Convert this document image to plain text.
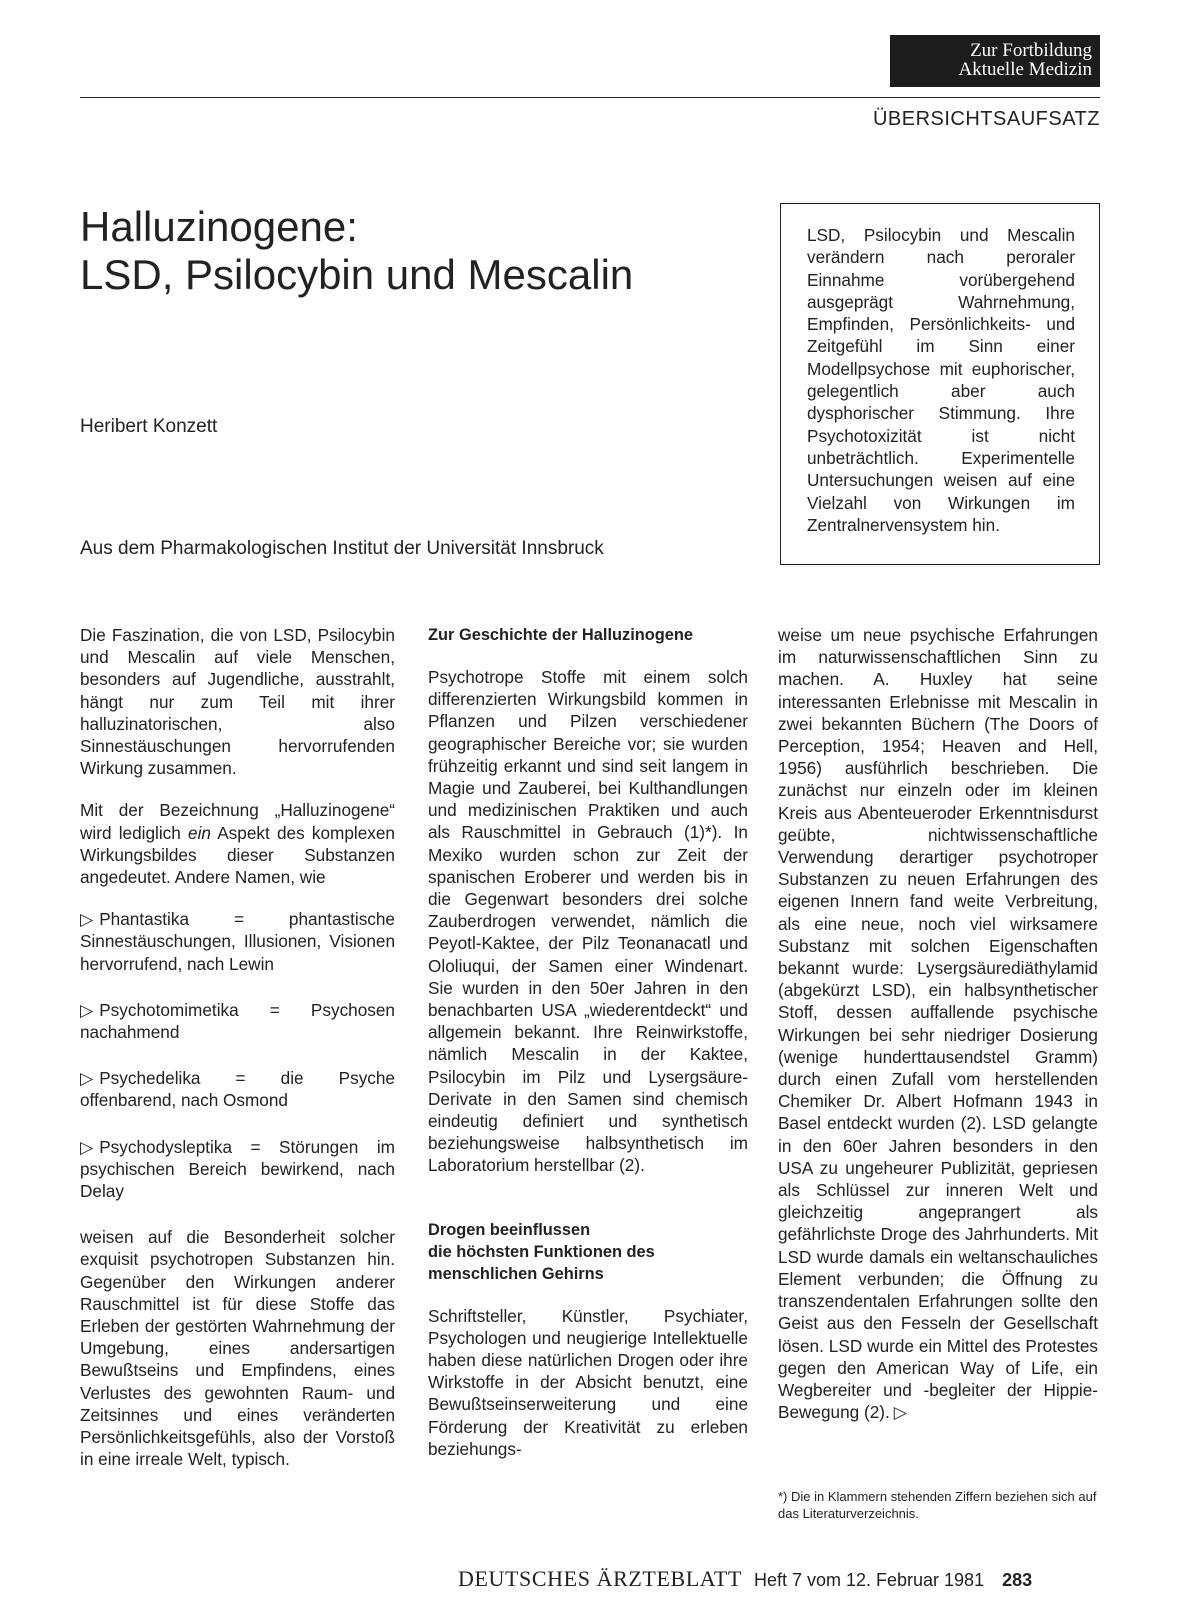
Zur Fortbildung
Aktuelle Medizin
ÜBERSICHTSAUFSATZ
Halluzinogene:
LSD, Psilocybin und Mescalin
Heribert Konzett
Aus dem Pharmakologischen Institut der Universität Innsbruck
LSD, Psilocybin und Mescalin verändern nach peroraler Einnahme vorübergehend ausgeprägt Wahrnehmung, Empfinden, Persönlichkeits- und Zeitgefühl im Sinn einer Modellpsychose mit euphorischer, gelegentlich aber auch dysphorischer Stimmung. Ihre Psychotoxizität ist nicht unbeträchtlich. Experimentelle Untersuchungen weisen auf eine Vielzahl von Wirkungen im Zentralnervensystem hin.

Die Faszination, die von LSD, Psilocybin und Mescalin auf viele Menschen, besonders auf Jugendliche, ausstrahlt, hängt nur zum Teil mit ihrer halluzinatorischen, also Sinnestäuschungen hervorrufenden Wirkung zusammen.

Mit der Bezeichnung „Halluzinogene“ wird lediglich ein Aspekt des komplexen Wirkungsbildes dieser Substanzen angedeutet. Andere Namen, wie

▷ Phantastika = phantastische Sinnestäuschungen, Illusionen, Visionen hervorrufend, nach Lewin

▷ Psychotomimetika = Psychosen nachahmend

▷ Psychedelika = die Psyche offenbarend, nach Osmond

▷ Psychodysleptika = Störungen im psychischen Bereich bewirkend, nach Delay

weisen auf die Besonderheit solcher exquisit psychotropen Substanzen hin. Gegenüber den Wirkungen anderer Rauschmittel ist für diese Stoffe das Erleben der gestörten Wahrnehmung der Umgebung, eines andersartigen Bewußtseins und Empfindens, eines Verlustes des gewohnten Raum- und Zeitsinnes und eines veränderten Persönlichkeitsgefühls, also der Vorstoß in eine irreale Welt, typisch.

Zur Geschichte der Halluzinogene

Psychotrope Stoffe mit einem solch differenzierten Wirkungsbild kommen in Pflanzen und Pilzen verschiedener geographischer Bereiche vor; sie wurden frühzeitig erkannt und sind seit langem in Magie und Zauberei, bei Kulthandlungen und medizinischen Praktiken und auch als Rauschmittel in Gebrauch (1)*). In Mexiko wurden schon zur Zeit der spanischen Eroberer und werden bis in die Gegenwart besonders drei solche Zauberdrogen verwendet, nämlich die Peyotl-Kaktee, der Pilz Teonanacatl und Ololiuqui, der Samen einer Windenart. Sie wurden in den 50er Jahren in den benachbarten USA „wiederentdeckt“ und allgemein bekannt. Ihre Reinwirkstoffe, nämlich Mescalin in der Kaktee, Psilocybin im Pilz und Lysergsäure-Derivate in den Samen sind chemisch eindeutig definiert und synthetisch beziehungsweise halbsynthetisch im Laboratorium herstellbar (2).

Drogen beeinflussen
die höchsten Funktionen des
menschlichen Gehirns

Schriftsteller, Künstler, Psychiater, Psychologen und neugierige Intellektuelle haben diese natürlichen Drogen oder ihre Wirkstoffe in der Absicht benutzt, eine Bewußtseinserweiterung und eine Förderung der Kreativität zu erleben beziehungs-

weise um neue psychische Erfahrungen im naturwissenschaftlichen Sinn zu machen. A. Huxley hat seine interessanten Erlebnisse mit Mescalin in zwei bekannten Büchern (The Doors of Perception, 1954; Heaven and Hell, 1956) ausführlich beschrieben. Die zunächst nur einzeln oder im kleinen Kreis aus Abenteueroder Erkenntnisdurst geübte, nichtwissenschaftliche Verwendung derartiger psychotroper Substanzen zu neuen Erfahrungen des eigenen Innern fand weite Verbreitung, als eine neue, noch viel wirksamere Substanz mit solchen Eigenschaften bekannt wurde: Lysergsäurediäthylamid (abgekürzt LSD), ein halbsynthetischer Stoff, dessen auffallende psychische Wirkungen bei sehr niedriger Dosierung (wenige hunderttausendstel Gramm) durch einen Zufall vom herstellenden Chemiker Dr. Albert Hofmann 1943 in Basel entdeckt wurden (2). LSD gelangte in den 60er Jahren besonders in den USA zu ungeheurer Publizität, gepriesen als Schlüssel zur inneren Welt und gleichzeitig angeprangert als gefährlichste Droge des Jahrhunderts. Mit LSD wurde damals ein weltanschauliches Element verbunden; die Öffnung zu transzendentalen Erfahrungen sollte den Geist aus den Fesseln der Gesellschaft lösen. LSD wurde ein Mittel des Protestes gegen den American Way of Life, ein Wegbereiter und -begleiter der Hippie-Bewegung (2). ▷

*) Die in Klammern stehenden Ziffern beziehen sich auf das Literaturverzeichnis.
DEUTSCHES ÄRZTEBLATT Heft 7 vom 12. Februar 1981 283
